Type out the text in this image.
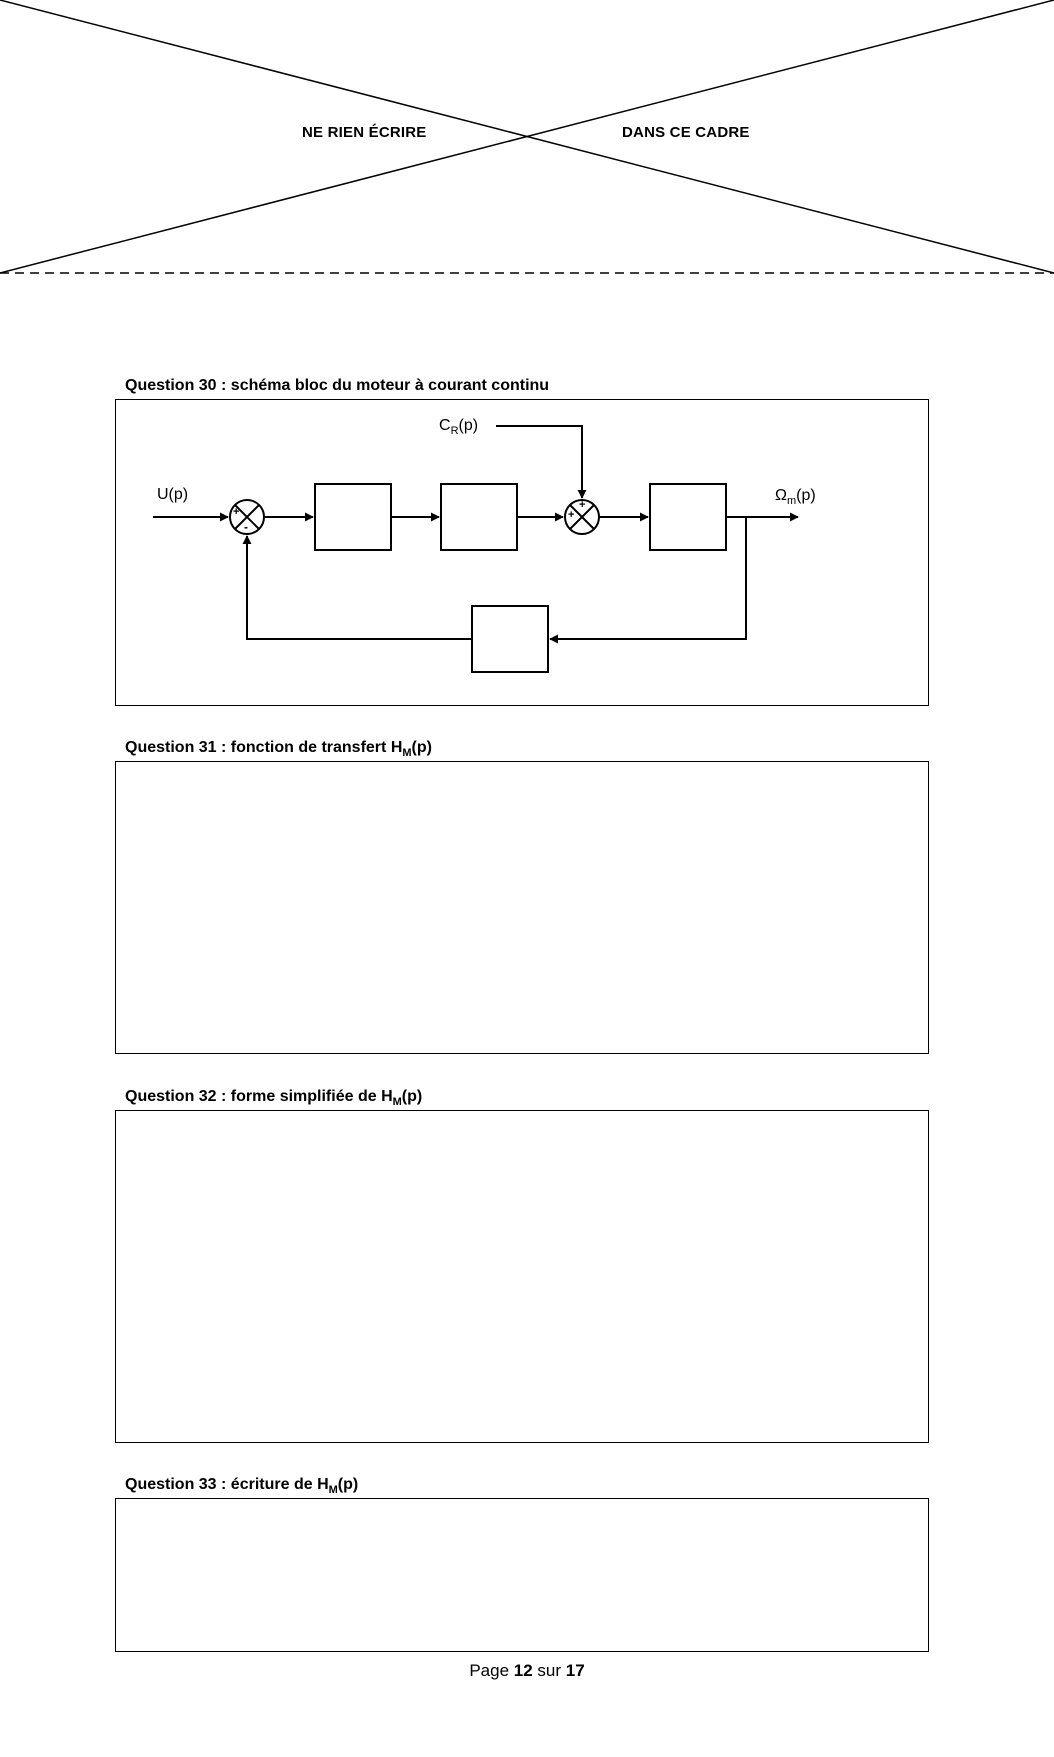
NE RIEN ÉCRIRE	DANS CE CADRE
Question 30 : schéma bloc du moteur à courant continu
U(p)
$C_R(p)$
$\Omega_m(p)$
+
-
+
+
Question 31 : fonction de transfert $H_M(p)$
Question 32 : forme simplifiée de $H_M(p)$
Question 33 : écriture de $H_M(p)$
Page 12 sur 17
